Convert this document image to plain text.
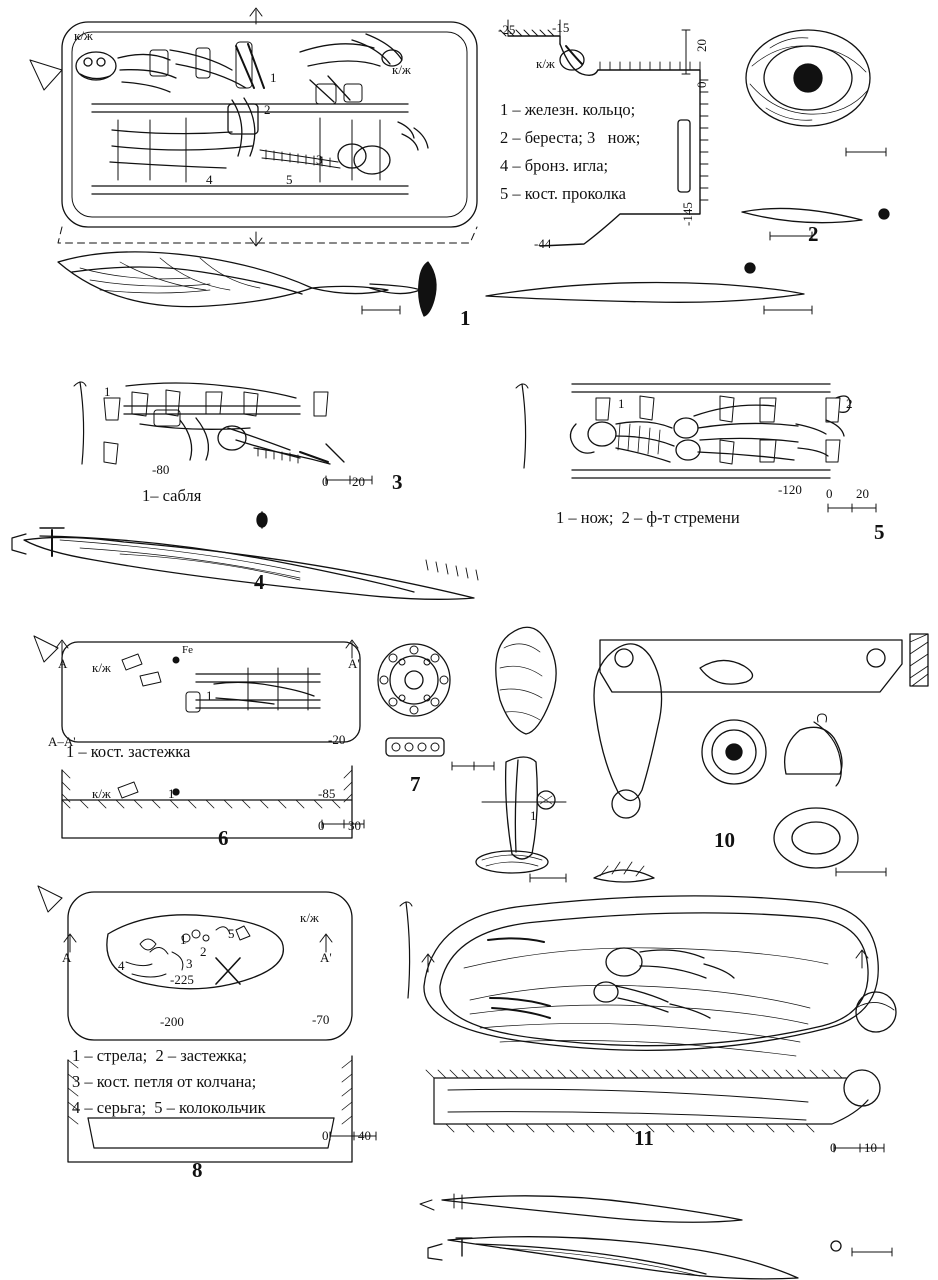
к/ж
к/ж	к/ж
1
2
3
4	5
-25	-15
-145
-44
20
0
1 – железн. кольцо;
2 – береста; 3   нож;
4 – бронз. игла;
5 – кост. проколка
2
1
1
-80
1– сабля
0 20 3
4
1	2
-120
1 – нож;  2 – ф-т стремени
0 20
5
к/ж
к/ж
Fe
1
1
A	A'
A–A'	-20
-85
1 – кост. застежка
0 30
6
7
1
10
к/ж
1
2
3
4
5
A	A'
-225
-200	-70
1 – стрела;  2 – застежка;
3 – кост. петля от колчана;
4 – серьга;  5 – колокольчик
0 40
8
0 10
11
